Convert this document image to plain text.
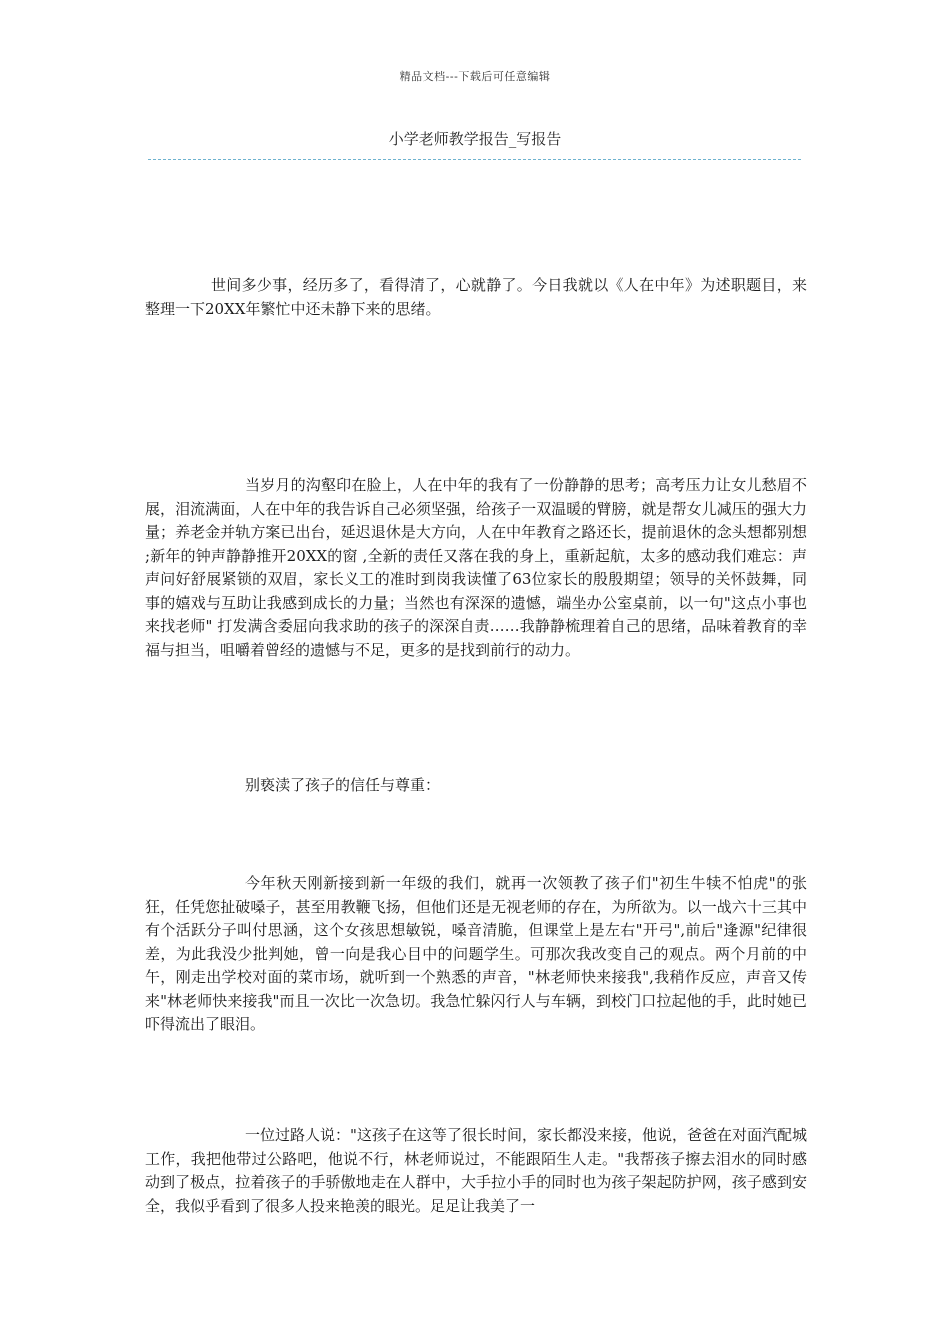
精品文档---下载后可任意编辑
小学老师教学报告_写报告

世间多少事，经历多了，看得清了，心就静了。今日我就以《人在中年》为述职题目，来整理一下20XX年繁忙中还未静下来的思绪。

当岁月的沟壑印在脸上，人在中年的我有了一份静静的思考；高考压力让女儿愁眉不展，泪流满面，人在中年的我告诉自己必须坚强，给孩子一双温暖的臂膀，就是帮女儿减压的强大力量；养老金并轨方案已出台，延迟退休是大方向，人在中年教育之路还长，提前退休的念头想都别想 ;新年的钟声静静推开20XX的窗 ,全新的责任又落在我的身上，重新起航，太多的感动我们难忘：声声问好舒展紧锁的双眉，家长义工的准时到岗我读懂了63位家长的殷殷期望；领导的关怀鼓舞，同事的嬉戏与互助让我感到成长的力量；当然也有深深的遗憾，端坐办公室桌前，以一句"这点小事也来找老师" 打发满含委屈向我求助的孩子的深深自责……我静静梳理着自己的思绪，品味着教育的幸福与担当，咀嚼着曾经的遗憾与不足，更多的是找到前行的动力。

别亵渎了孩子的信任与尊重：

今年秋天刚新接到新一年级的我们，就再一次领教了孩子们"初生牛犊不怕虎"的张狂，任凭您扯破嗓子，甚至用教鞭飞扬，但他们还是无视老师的存在，为所欲为。以一战六十三其中有个活跃分子叫付思涵，这个女孩思想敏锐，嗓音清脆，但课堂上是左右"开弓",前后"逢源"纪律很差，为此我没少批判她，曾一向是我心目中的问题学生。可那次我改变自己的观点。两个月前的中午，刚走出学校对面的菜市场，就听到一个熟悉的声音，"林老师快来接我",我稍作反应，声音又传来"林老师快来接我"而且一次比一次急切。我急忙躲闪行人与车辆，到校门口拉起他的手，此时她已吓得流出了眼泪。

一位过路人说："这孩子在这等了很长时间，家长都没来接，他说，爸爸在对面汽配城工作，我把他带过公路吧，他说不行，林老师说过，不能跟陌生人走。"我帮孩子擦去泪水的同时感动到了极点，拉着孩子的手骄傲地走在人群中，大手拉小手的同时也为孩子架起防护网，孩子感到安全，我似乎看到了很多人投来艳羡的眼光。足足让我美了一
